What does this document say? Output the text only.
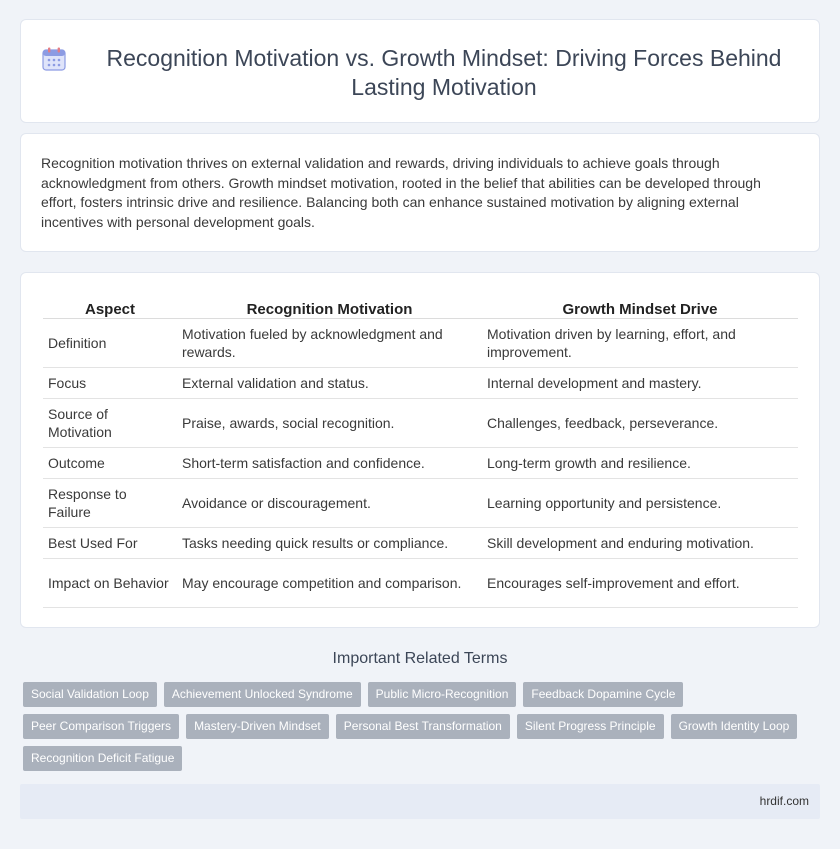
Recognition Motivation vs. Growth Mindset: Driving Forces Behind Lasting Motivation

Recognition motivation thrives on external validation and rewards, driving individuals to achieve goals through acknowledgment from others. Growth mindset motivation, rooted in the belief that abilities can be developed through effort, fosters intrinsic drive and resilience. Balancing both can enhance sustained motivation by aligning external incentives with personal development goals.

Aspect	Recognition Motivation	Growth Mindset Drive
Definition	Motivation fueled by acknowledgment and rewards.	Motivation driven by learning, effort, and improvement.
Focus	External validation and status.	Internal development and mastery.
Source of Motivation	Praise, awards, social recognition.	Challenges, feedback, perseverance.
Outcome	Short-term satisfaction and confidence.	Long-term growth and resilience.
Response to Failure	Avoidance or discouragement.	Learning opportunity and persistence.
Best Used For	Tasks needing quick results or compliance.	Skill development and enduring motivation.
Impact on Behavior	May encourage competition and comparison.	Encourages self-improvement and effort.
Important Related Terms
Social Validation Loop	Achievement Unlocked Syndrome	Public Micro-Recognition	Feedback Dopamine Cycle
Peer Comparison Triggers	Mastery-Driven Mindset	Personal Best Transformation	Silent Progress Principle	Growth Identity Loop
Recognition Deficit Fatigue
hrdif.com
